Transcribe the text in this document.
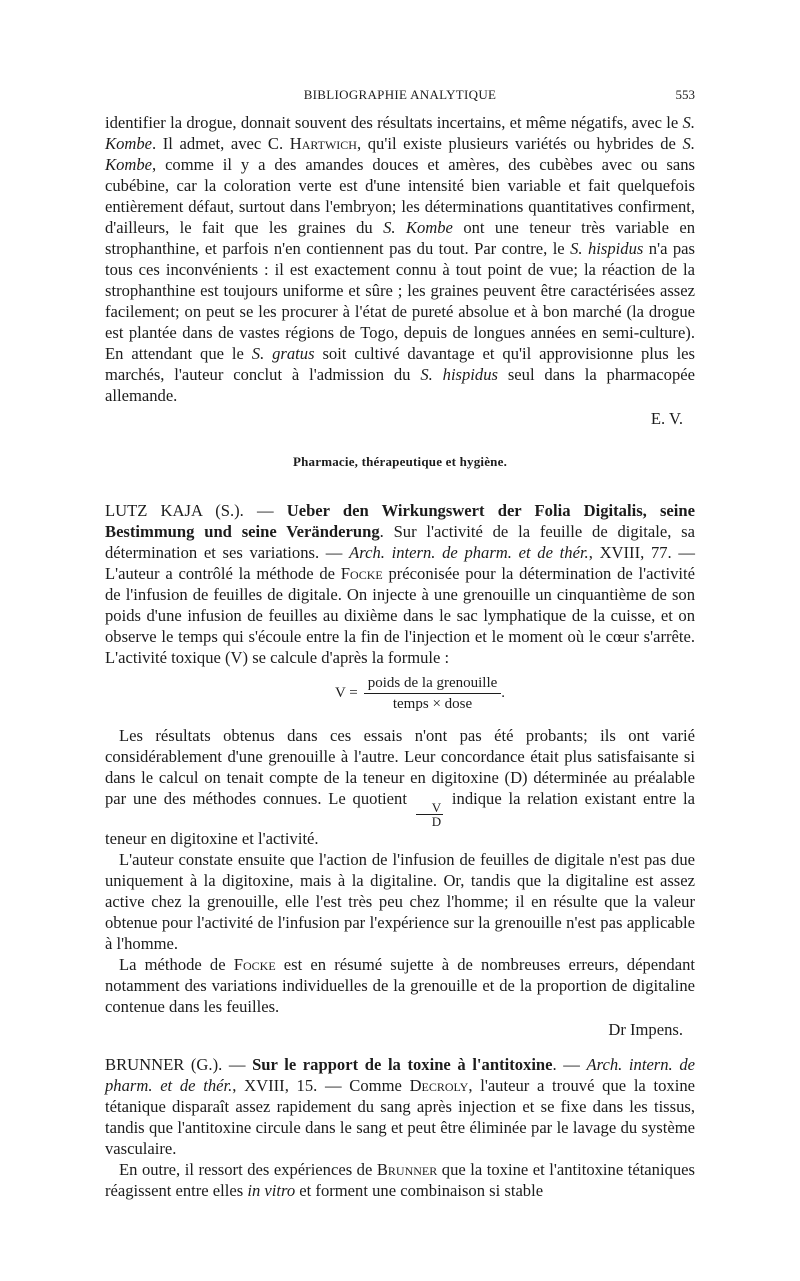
BIBLIOGRAPHIE ANALYTIQUE	553

identifier la drogue, donnait souvent des résultats incertains, et même négatifs, avec le S. Kombe. Il admet, avec C. Hartwich, qu'il existe plusieurs variétés ou hybrides de S. Kombe, comme il y a des amandes douces et amères, des cubèbes avec ou sans cubébine, car la coloration verte est d'une intensité bien variable et fait quelquefois entièrement défaut, surtout dans l'embryon; les déterminations quantitatives confirment, d'ailleurs, le fait que les graines du S. Kombe ont une teneur très variable en strophanthine, et parfois n'en contiennent pas du tout. Par contre, le S. hispidus n'a pas tous ces inconvénients : il est exactement connu à tout point de vue; la réaction de la strophanthine est toujours uniforme et sûre ; les graines peuvent être caractérisées assez facilement; on peut se les procurer à l'état de pureté absolue et à bon marché (la drogue est plantée dans de vastes régions de Togo, depuis de longues années en semi-culture). En attendant que le S. gratus soit cultivé davantage et qu'il approvisionne plus les marchés, l'auteur conclut à l'admission du S. hispidus seul dans la pharmacopée allemande.

E. V.
Pharmacie, thérapeutique et hygiène.

LUTZ KAJA (S.). — Ueber den Wirkungswert der Folia Digitalis, seine Bestimmung und seine Veränderung. Sur l'activité de la feuille de digitale, sa détermination et ses variations. — Arch. intern. de pharm. et de thér., XVIII, 77. — L'auteur a contrôlé la méthode de Focke préconisée pour la détermination de l'activité de l'infusion de feuilles de digitale. On injecte à une grenouille un cinquantième de son poids d'une infusion de feuilles au dixième dans le sac lymphatique de la cuisse, et on observe le temps qui s'écoule entre la fin de l'injection et le moment où le cœur s'arrête. L'activité toxique (V) se calcule d'après la formule :

$V = \frac{\text{poids de la grenouille}}{\text{temps × dose}}$ .

Les résultats obtenus dans ces essais n'ont pas été probants; ils ont varié considérablement d'une grenouille à l'autre. Leur concordance était plus satisfaisante si dans le calcul on tenait compte de la teneur en digitoxine (D) déterminée au préalable par une des méthodes connues. Le quotient
$\frac{V}{D}$
indique la relation existant entre la teneur en digitoxine et l'activité.

L'auteur constate ensuite que l'action de l'infusion de feuilles de digitale n'est pas due uniquement à la digitoxine, mais à la digitaline. Or, tandis que la digitaline est assez active chez la grenouille, elle l'est très peu chez l'homme; il en résulte que la valeur obtenue pour l'activité de l'infusion par l'expérience sur la grenouille n'est pas applicable à l'homme.

La méthode de Focke est en résumé sujette à de nombreuses erreurs, dépendant notamment des variations individuelles de la grenouille et de la proportion de digitaline contenue dans les feuilles.

Dr Impens.

BRUNNER (G.). — Sur le rapport de la toxine à l'antitoxine. — Arch. intern. de pharm. et de thér., XVIII, 15. — Comme Decroly, l'auteur a trouvé que la toxine tétanique disparaît assez rapidement du sang après injection et se fixe dans les tissus, tandis que l'antitoxine circule dans le sang et peut être éliminée par le lavage du système vasculaire.

En outre, il ressort des expériences de Brunner que la toxine et l'antitoxine tétaniques réagissent entre elles in vitro et forment une combinaison si stable
